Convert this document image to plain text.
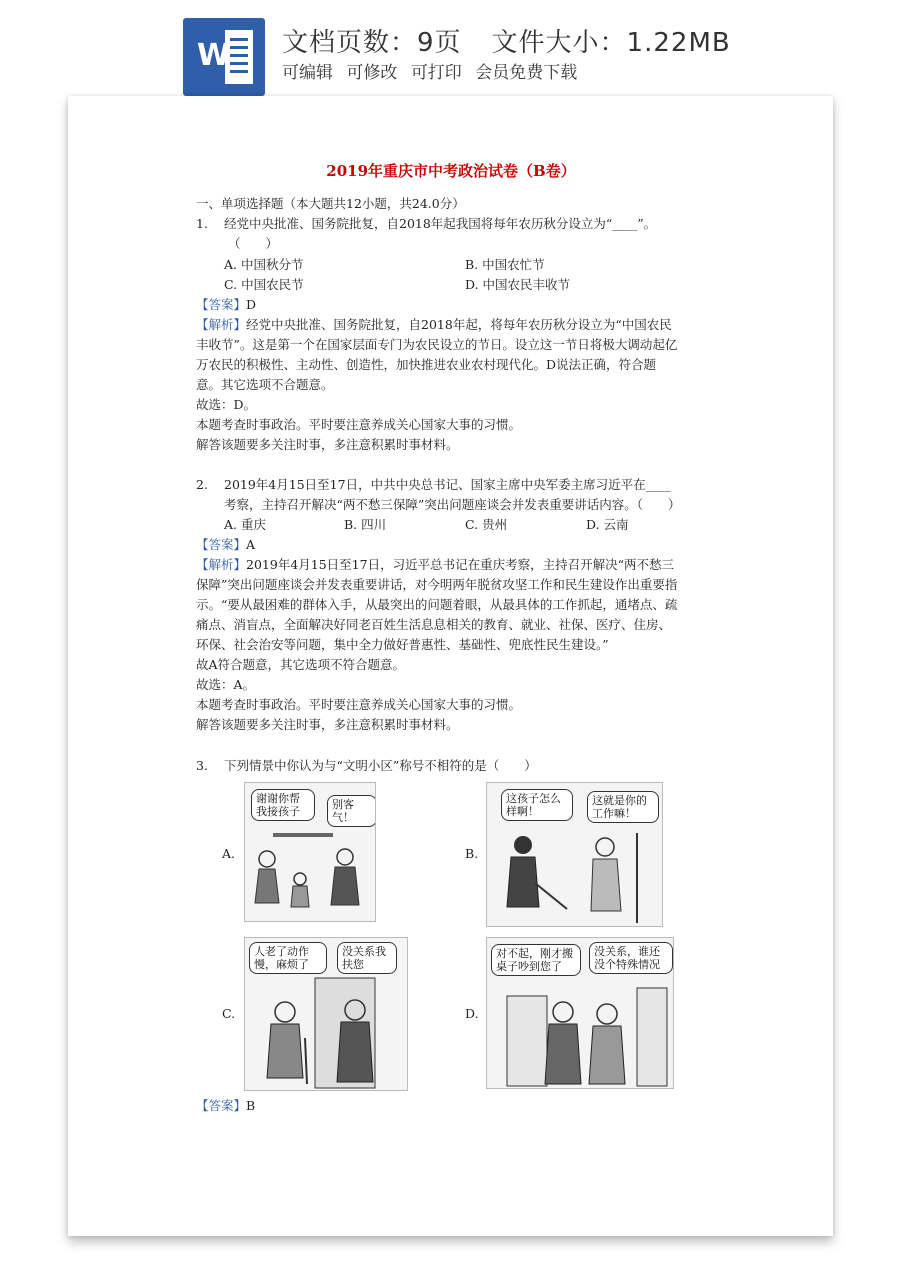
W 文档页数：9页 文件大小：1.22MB
可编辑 可修改 可打印 会员免费下载
2019年重庆市中考政治试卷（B卷）
一、单项选择题（本大题共12小题，共24.0分）
1. 经党中央批准、国务院批复，自2018年起我国将每年农历秋分设立为“____”。
（　　）
A. 中国秋分节	B. 中国农忙节
C. 中国农民节	D. 中国农民丰收节
【答案】D
【解析】经党中央批准、国务院批复，自2018年起，将每年农历秋分设立为“中国农民丰收节”。这是第一个在国家层面专门为农民设立的节日。设立这一节日将极大调动起亿万农民的积极性、主动性、创造性，加快推进农业农村现代化。D说法正确，符合题意。其它选项不合题意。
故选：D。
本题考查时事政治。平时要注意养成关心国家大事的习惯。
解答该题要多关注时事，多注意积累时事材料。
2. 2019年4月15日至17日，中共中央总书记、国家主席中央军委主席习近平在____
考察，主持召开解决“两不愁三保障”突出问题座谈会并发表重要讲话内容。（　　）
A. 重庆	B. 四川	C. 贵州	D. 云南
【答案】A
【解析】2019年4月15日至17日，习近平总书记在重庆考察，主持召开解决“两不愁三保障”突出问题座谈会并发表重要讲话，对今明两年脱贫攻坚工作和民生建设作出重要指示。“要从最困难的群体入手，从最突出的问题着眼，从最具体的工作抓起，通堵点、疏痛点、消盲点，全面解决好同老百姓生活息息相关的教育、就业、社保、医疗、住房、环保、社会治安等问题，集中全力做好普惠性、基础性、兜底性民生建设。”
故A符合题意，其它选项不符合题意。
故选：A。
本题考查时事政治。平时要注意养成关心国家大事的习惯。
解答该题要多关注时事，多注意积累时事材料。
3. 下列情景中你认为与“文明小区”称号不相符的是（　　）
A.
谢谢你帮我接孩子
别客气！
B.
这孩子怎么样啊！
这就是你的工作嘛！
C.
人老了动作慢，麻烦了
没关系我扶您
D.
对不起，刚才搬桌子吵到您了
没关系，谁还没个特殊情况
【答案】B
